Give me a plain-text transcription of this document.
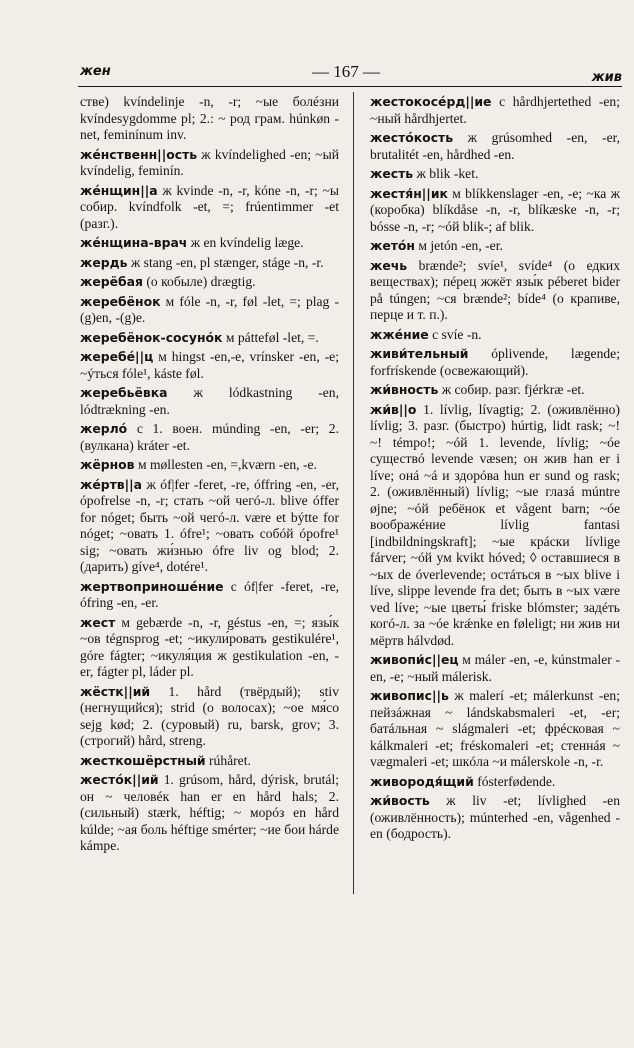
жен	— 167 —	жив

стве) kvíndelinje -n, -r; ~ые болéзни kvíndesygdomme pl; 2.: ~ род грам. húnkøn -net, feminínum inv.

жéнственн||ость ж kvíndelighed -en; ~ый kvíndelig, feminín.

жéнщин||а ж kvinde -n, -r, kóne -n, -r; ~ы собир. kvíndfolk -et, =; frúentimmer -et (разг.).

жéнщина-врач ж en kvíndelig læge.

жердь ж stang -en, pl stænger, stáge -n, -r.

жерёбая (о кобыле) drægtig.

жеребёнок м fóle -n, -r, føl -let, =; plag -(g)en, -(g)e.

жеребёнок-сосунóк м pátteføl -let, =.

жеребé||ц м hingst -en,-e, vrínsker -en, -e; ~ýться fóle¹, káste føl.

жеребьёвка ж lódkastning -en, lódtrækning -en.

жерлó с 1. воен. múnding -en, -er; 2. (вулкана) kráter -et.

жёрнов м møllesten -en, =,kværn -en, -e.

жéртв||а ж óf|fer -feret, -re, óffring -en, -er, ópofrelse -n, -r; стать ~ой чегó-л. blive óffer for nóget; быть ~ой чегó-л. være et býtte for nóget; ~овать 1. ófre¹; ~овать собóй ópofre¹ sig; ~овать жи́знью ófre liv og blod; 2. (дарить) gíve⁴, dotére¹.

жертвоприношéние с óf|fer -feret, -re, ófring -en, -er.

жест м gebærde -n, -r, géstus -en, =; язы́к ~ов tégnsprog -et; ~икули́ровать gestikulére¹, góre fágter; ~икуля́ция ж gestikulation -en, -er, fágter pl, láder pl.

жёстк||ий 1. hård (твёрдый); stiv (негнущийся); strid (о волосах); ~ое мя́со sejg kød; 2. (суровый) ru, barsk, grov; 3. (строгий) hård, streng.

жесткошёрстный rúhåret.

жестóк||ий 1. grúsom, hård, dýrisk, brutál; он ~ человéк han er en hård hals; 2. (сильный) stærk, héftig; ~ морóз en hård kúlde; ~ая боль héftige smérter; ~ие бои hárde kámpe.

жестокосéрд||ие с hårdhjertethed -en; ~ный hårdhjertet.

жестóкость ж grúsomhed -en, -er, brutalitét -en, hårdhed -en.

жесть ж blik -ket.

жестя́н||ик м blíkkenslager -en, -e; ~ка ж (коробка) blíkdåse -n, -r, blíkæske -n, -r; bósse -n, -r; ~óй blik-; af blik.

жетóн м jetón -en, -er.

жечь brænde²; svíe¹, svíde⁴ (о едких веществах); пéрец жжёт язы́к péberet bider på túngen; ~ся brænde²; bíde⁴ (о крапиве, перце и т. п.).

жжéние с svíe -n.

живи́тельный óplivende, lægende; forfrískende (освежающий).

жи́вность ж собир. разг. fjérkræ -et.

жи́в||о 1. lívlig, lívagtig; 2. (оживлённо) lívlig; 3. разг. (быстро) húrtig, lidt rask; ~! ~! témpo!; ~óй 1. levende, lívlig; ~óе существó levende væsen; он жив han er i líve; онá ~á и здорóва hun er sund og rask; 2. (оживлённый) lívlig; ~ые глазá múntre øjne; ~óй ребёнок et vågent barn; ~óе воображéние lívlig fantasi [indbildningskraft]; ~ые крáски lívlige fárver; ~óй ум kvikt hóved; ◊ оставшиеся в ~ых de óverlevende; остáться в ~ых blive i líve, slippe levende fra det; быть в ~ых være ved líve; ~ые цветы́ friske blómster; задéть когó-л. за ~óе krǽnke en føleligt; ни жив ни мёртв hálvdød.

живопи́с||ец м máler -en, -e, kúnstmaler -en, -e; ~ный málerisk.

живопис||ь ж malerí -et; málerkunst -en; пейзáжная ~ lándskabsmaleri -et, -er; батáльная ~ slágmaleri -et; фрéсковая ~ kálkmaleri -et; fréskomaleri -et; стеннáя ~ vægmaleri -et; шкóла ~и málerskole -n, -r.

живородя́щий fósterfødende.

жи́вость ж liv -et; lívlighed -en (оживлённость); múnterhed -en, vågenhed -en (бодрость).
